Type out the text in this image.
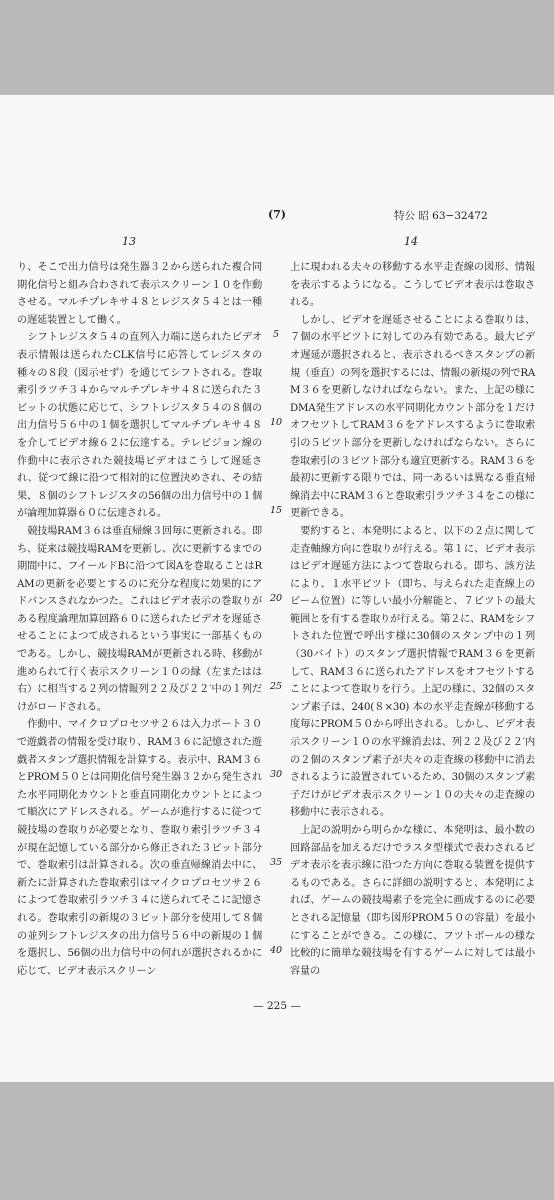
(7)	特公 昭 63−32472
13	14

り、そこで出力信号は発生器３２から送られた複合同期化信号と組み合わされて表示スクリーン１０を作動させる。マルチプレキサ４８とレジスタ５４とは一種の遅延装置として働く。

シフトレジスタ５４の直列入力端に送られたビデオ表示情報は送られたCLK信号に応答してレジスタの種々の８段（図示せず）を通じてシフトされる。巻取索引ラツチ３４からマルチプレキサ４８に送られた３ビットの状態に応じて、シフトレジスタ５４の８個の出力信号５６中の１個を選択してマルチプレキサ４８を介してビデオ線６２に伝達する。テレビジョン線の作動中に表示された競技場ビデオはこうして遅延され、従つて線に沿つて相対的に位置決めされ、その結果、８個のシフトレジスタの56個の出力信号中の１個が論理加算器６０に伝達される。

競技場RAM３６は垂直帰線３回毎に更新される。即ち、従来は競技場RAMを更新し、次に更新するまでの期間中に、フイールドBに沿つて図Aを巻取ることはRAMの更新を必要とするのに充分な程度に効果的にアドバンスされなかつた。これはビデオ表示の巻取りがある程度論理加算回路６０に送られたビデオを遅延させることによつて成されるという事実に一部基くものである。しかし、競技場RAMが更新される時、移動が進められて行く表示スクリーン１０の縁（左またはは右）に相当する２列の情報列２２及び２２′中の１列だけがロードされる。

作動中、マイクロプロセツサ２６は入力ポート３０で遊戯者の情報を受け取り、RAM３６に記憶された遊戯者スタンプ選択情報を計算する。表示中、RAM３６とPROM５０とは同期化信号発生器３２から発生された水平同期化カウントと垂直同期化カウントとによつて順次にアドレスされる。ゲームが進行するに従つて競技場の巻取りが必要となり、巻取り索引ラツチ３４が現在記憶している部分から修正された３ビット部分で、巻取索引は計算される。次の垂直帰線消去中に、新たに計算された巻取索引はマイクロプロセツサ２６によつて巻取索引ラツチ３４に送られてそこに記憶される。巻取索引の新規の３ビット部分を使用して８個の並列シフトレジスタの出力信号５６中の新規の１個を選択し、56個の出力信号中の何れが選択されるかに応じて、ビデオ表示スクリーン

上に現われる夫々の移動する水平走査線の図形、情報を表示するようになる。こうしてビデオ表示は巻取される。

しかし、ビデオを遅延させることによる巻取りは、７個の水平ピツトに対してのみ有効である。最大ビデオ遅延が選択されると、表示されるべきスタンプの新規（垂直）の列を選択するには、情報の新規の列でRAM３６を更新しなければならない。また、上記の様にDMA発生アドレスの水平同期化カウント部分を１だけオフセツトしてRAM３６をアドレスするように巻取索引の５ビツト部分を更新しなければならない。さらに巻取索引の３ビツト部分も適宜更新する。RAM３６を最初に更新する限りでは、同一あるいは異なる垂直帰線消去中にRAM３６と巻取索引ラツチ３４をこの様に更新できる。

要約すると、本発明によると、以下の２点に関して走査軸線方向に巻取りが行える。第１に、ビデオ表示はビデオ遅延方法によつて巻取られる。即ち、該方法により、１水平ピツト（即ち、与えられた走査線上のビーム位置）に等しい最小分解能と、７ビツトの最大範囲とを有する巻取りが行える。第２に、RAMをシフトされた位置で呼出す様に30個のスタンプ中の１列（30バイト）のスタンプ選択情報でRAM３６を更新して、RAM３６に送られたアドレスをオフセツトすることによつて巻取りを行う。上記の様に、32個のスタンプ素子は、240(８×30) 本の水平走査線が移動する度毎にPROM５０から呼出される。しかし、ビデオ表示スクリーン１０の水平線消去は、列２２及び２２′内の２個のスタンプ素子が夫々の走査線の移動中に消去されるように設置されているため、30個のスタンプ素子だけがビデオ表示スクリーン１０の夫々の走査線の移動中に表示される。

上記の説明から明らかな様に、本発明は、最小数の回路部品を加えるだけでラスタ型様式で表わされるビデオ表示を表示線に沿つた方向に巻取る装置を提供するものである。さらに詳細の説明すると、本発明によれば、ゲームの競技場素子を完全に画成するのに必要とされる記憶量（即ち図形PROM５０の容量）を最小にすることができる。この様に、フツトボールの様な比較的に簡単な競技場を有するゲームに対しては最小容量の

5
10
15
20
25
30
35
40
— 225 —
